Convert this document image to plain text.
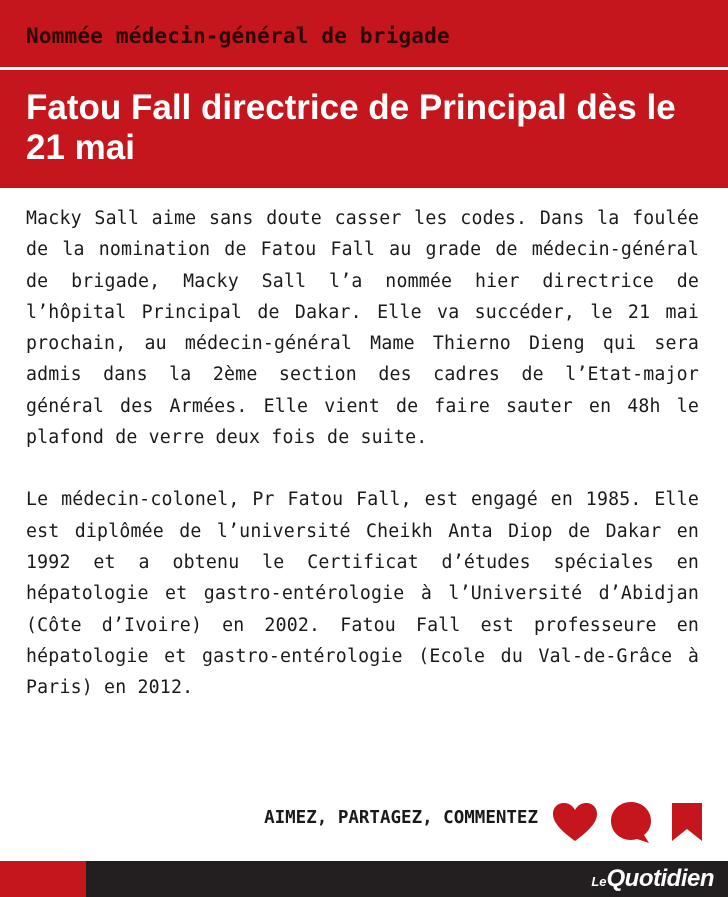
Nommée médecin-général de brigade
Fatou Fall directrice de Principal dès le 21 mai

Macky Sall aime sans doute casser les codes. Dans la foulée de la nomination de Fatou Fall au grade de médecin-général de brigade, Macky Sall l’a nommée hier directrice de l’hôpital Principal de Dakar. Elle va succéder, le 21 mai prochain, au médecin-général Mame Thierno Dieng qui sera admis dans la 2ème section des cadres de l’Etat-major général des Armées. Elle vient de faire sauter en 48h le plafond de verre deux fois de suite.

Le médecin-colonel, Pr Fatou Fall, est engagé en 1985. Elle est diplômée de l’université Cheikh Anta Diop de Dakar en 1992 et a obtenu le Certificat d’études spéciales en hépatologie et gastro-entérologie à l’Université d’Abidjan (Côte d’Ivoire) en 2002. Fatou Fall est professeure en hépatologie et gastro-entérologie (Ecole du Val-de-Grâce à Paris) en 2012.

AIMEZ, PARTAGEZ, COMMENTEZ
LeQuotidien
